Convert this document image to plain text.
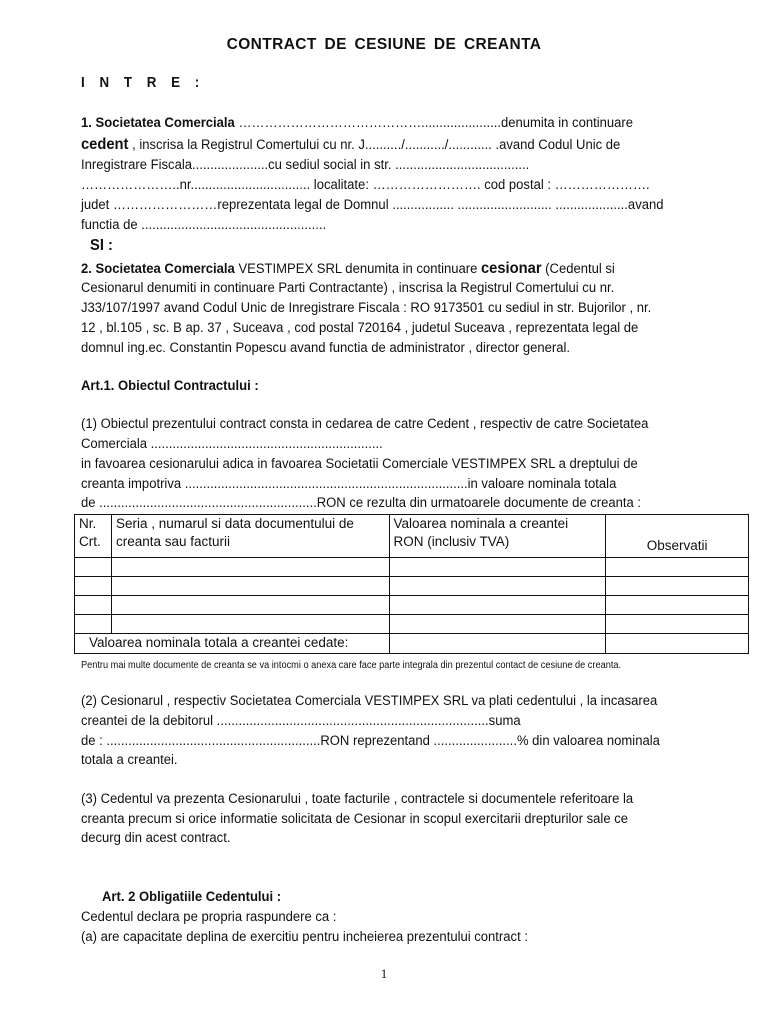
CONTRACT DE CESIUNE DE CREANTA
I N T R E :
1. Societatea Comerciala ……………………………………......................denumita in continuare
cedent , inscrisa la Registrul Comertului cu nr. J........../.........../............ .avand Codul Unic de
Inregistrare Fiscala.....................cu sediul social in str. .....................................
…………………..nr................................. localitate: ……………………. cod postal : ………………….
judet ……………………reprezentata legal de Domnul ................. .......................... ....................avand
functia de ...................................................
SI :
2. Societatea Comerciala VESTIMPEX SRL denumita in continuare cesionar (Cedentul si
Cesionarul denumiti in continuare Parti Contractante) , inscrisa la Registrul Comertului cu nr.
J33/107/1997 avand Codul Unic de Inregistrare Fiscala : RO 9173501 cu sediul in str. Bujorilor , nr.
12 , bl.105 , sc. B ap. 37 , Suceava , cod postal 720164 , judetul Suceava , reprezentata legal de
domnul ing.ec. Constantin Popescu avand functia de administrator , director general.
Art.1. Obiectul Contractului :
(1) Obiectul prezentului contract consta in cedarea de catre Cedent , respectiv de catre Societatea
Comerciala ................................................................
in favoarea cesionarului adica in favoarea Societatii Comerciale VESTIMPEX SRL a dreptului de
creanta impotriva ..............................................................................in valoare nominala totala
de ............................................................RON ce rezulta din urmatoarele documente de creanta :
Nr.
Crt.	Seria , numarul si data documentului de
creanta sau facturii	Valoarea nominala a creantei
RON (inclusiv TVA)	Observatii

Valoarea nominala totala a creantei cedate:			
Pentru mai multe documente de creanta se va intocmi o anexa care face parte integrala din prezentul contact de cesiune de creanta.
(2) Cesionarul , respectiv Societatea Comerciala VESTIMPEX SRL va plati cedentului , la incasarea
creantei de la debitorul ...........................................................................suma
de : ...........................................................RON reprezentand .......................% din valoarea nominala
totala a creantei.
(3) Cedentul va prezenta Cesionarului , toate facturile , contractele si documentele referitoare la
creanta precum si orice informatie solicitata de Cesionar in scopul exercitarii drepturilor sale ce
decurg din acest contract.
Art. 2 Obligatiile Cedentului :
Cedentul declara pe propria raspundere ca :
(a) are capacitate deplina de exercitiu pentru incheierea prezentului contract :
1
